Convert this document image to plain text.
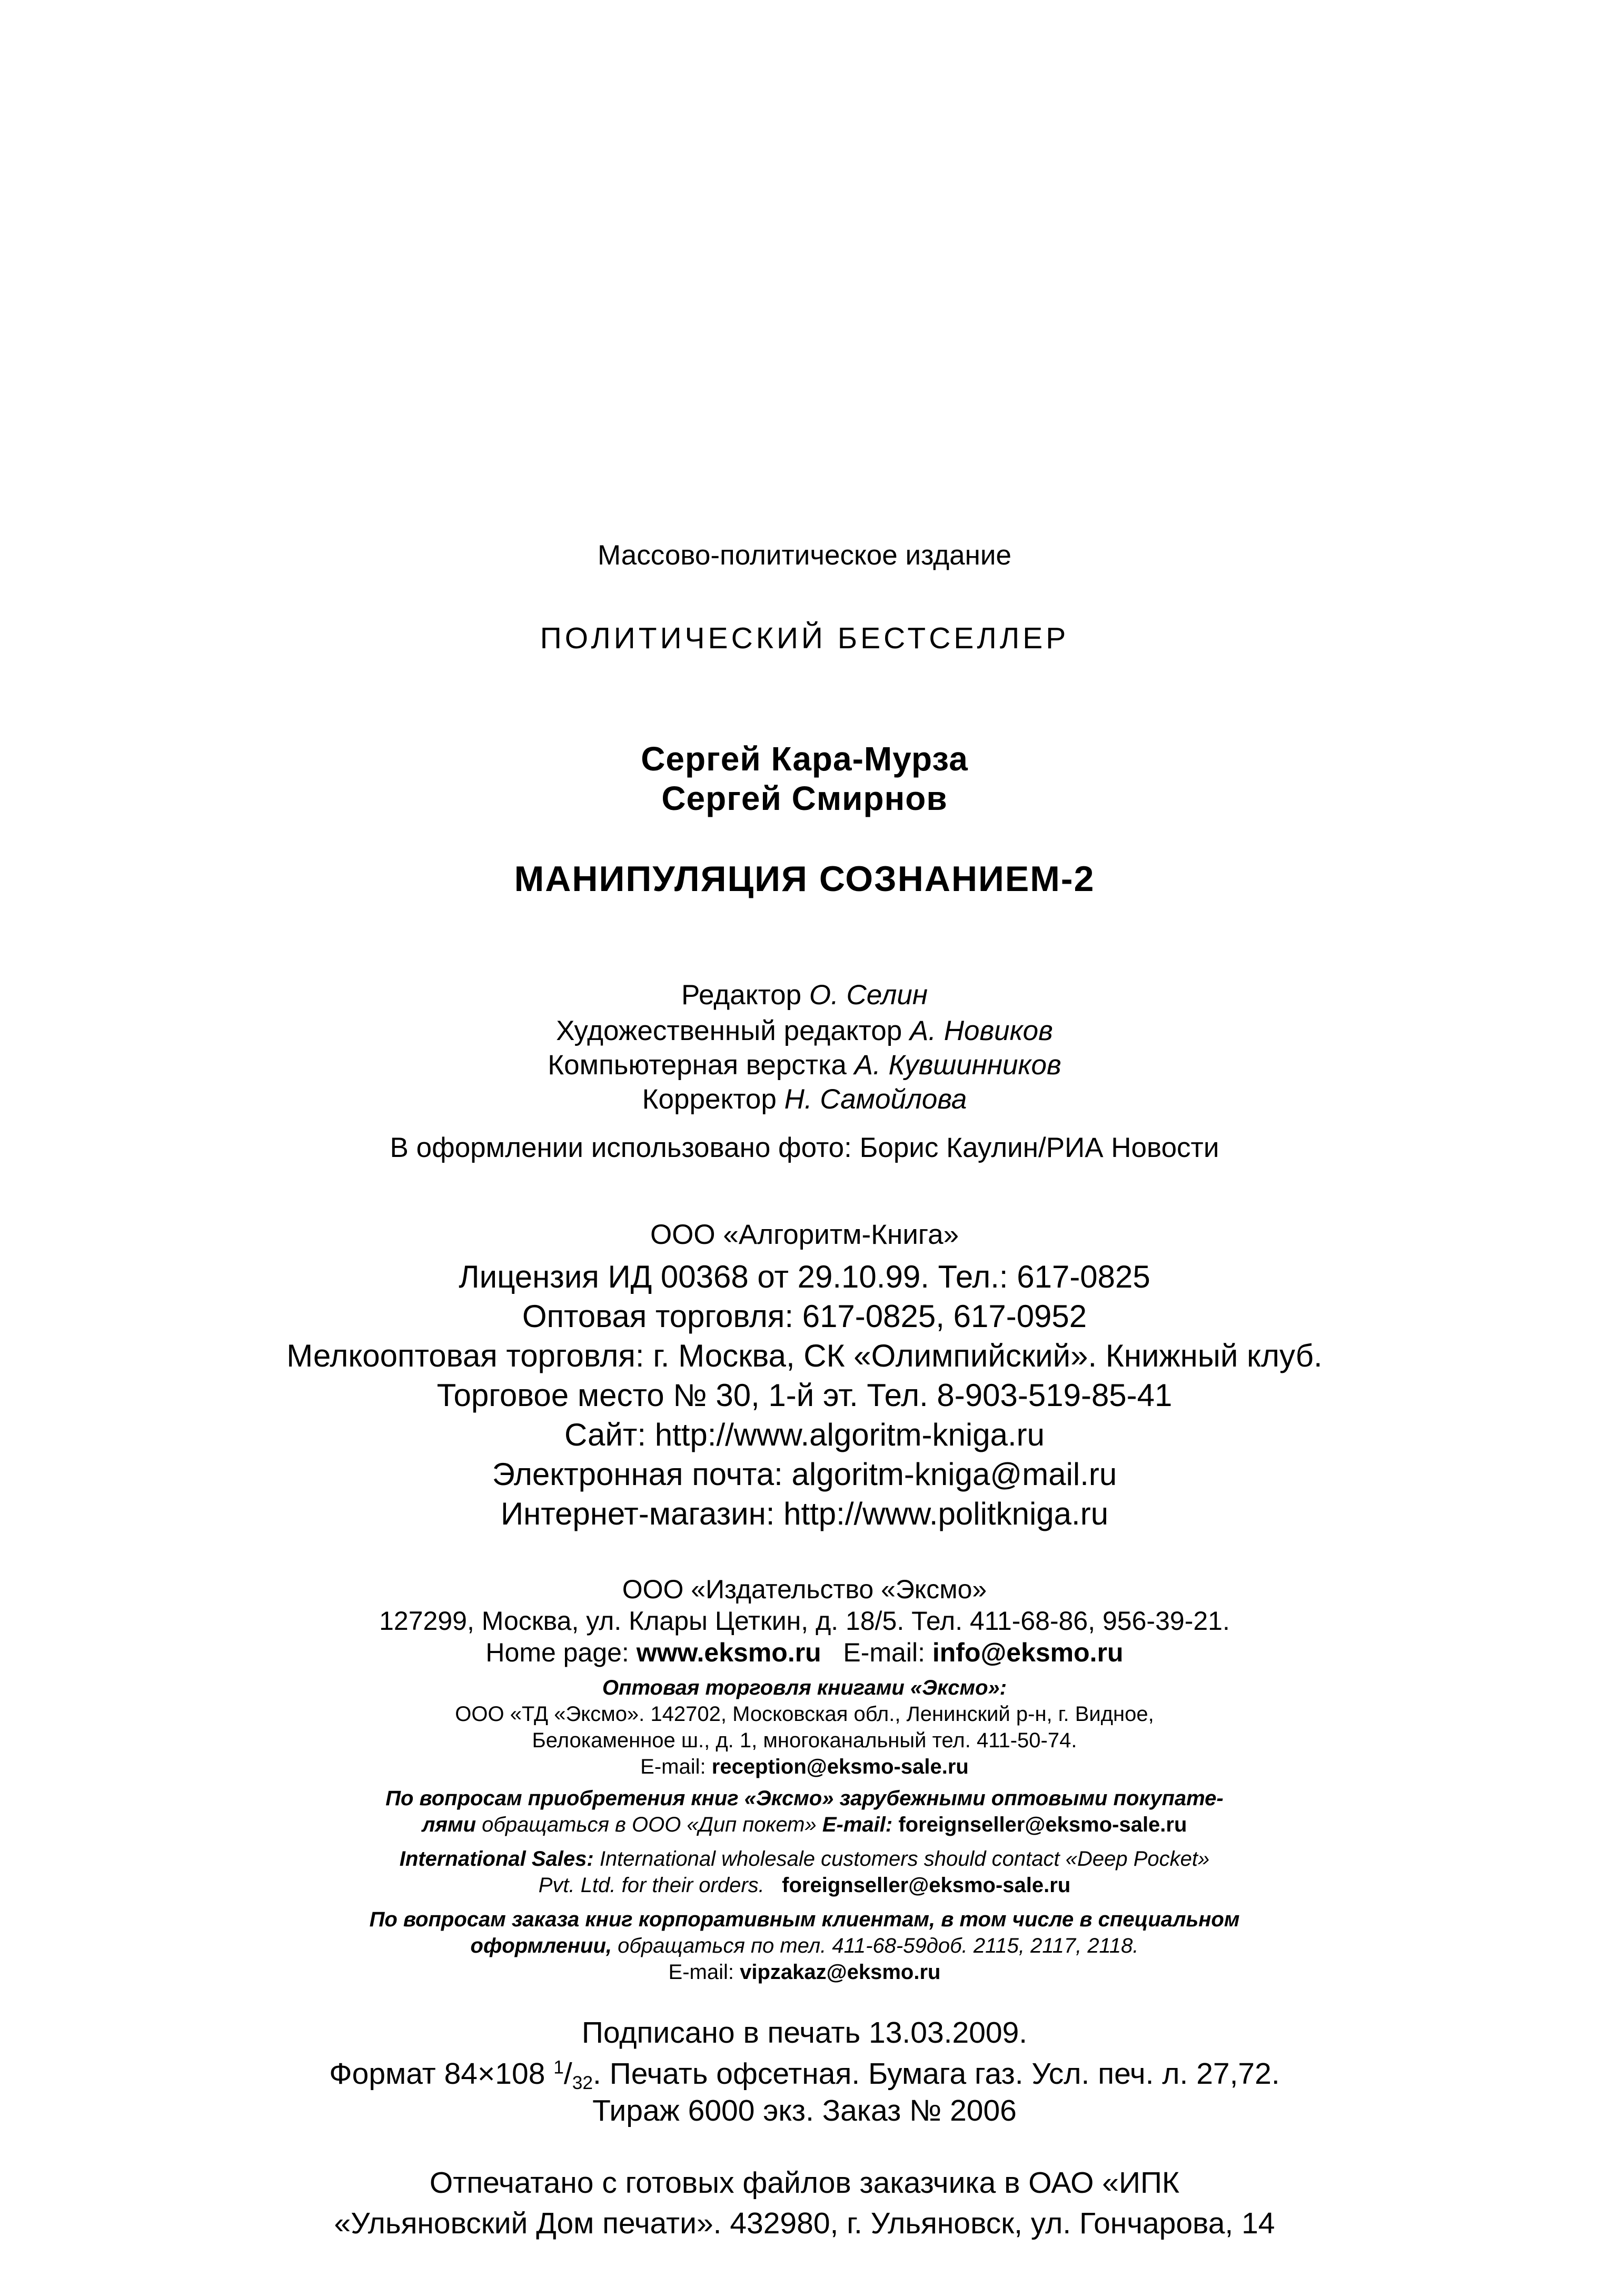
Массово-политическое издание
ПОЛИТИЧЕСКИЙ БЕСТСЕЛЛЕР
Сергей Кара-Мурза
Сергей Смирнов
МАНИПУЛЯЦИЯ СОЗНАНИЕМ-2
Редактор О. Селин
Художественный редактор А. Новиков
Компьютерная верстка А. Кувшинников
Корректор Н. Самойлова
В оформлении использовано фото: Борис Каулин/РИА Новости
ООО «Алгоритм-Книга»
Лицензия ИД 00368 от 29.10.99. Тел.: 617-0825
Оптовая торговля: 617-0825, 617-0952
Мелкооптовая торговля: г. Москва, СК «Олимпийский». Книжный клуб.
Торговое место № 30, 1-й эт. Тел. 8-903-519-85-41
Сайт: http://www.algoritm-kniga.ru
Электронная почта: algoritm-kniga@mail.ru
Интернет-магазин: http://www.politkniga.ru
ООО «Издательство «Эксмо»
127299, Москва, ул. Клары Цеткин, д. 18/5. Тел. 411-68-86, 956-39-21.
Home page: www.eksmo.ru E-mail: info@eksmo.ru
Оптовая торговля книгами «Эксмо»:
ООО «ТД «Эксмо». 142702, Московская обл., Ленинский р-н, г. Видное,
Белокаменное ш., д. 1, многоканальный тел. 411-50-74.
E-mail: reception@eksmo-sale.ru
По вопросам приобретения книг «Эксмо» зарубежными оптовыми покупате-
лями обращаться в ООО «Дип покет» E-mail: foreignseller@eksmo-sale.ru
International Sales: International wholesale customers should contact «Deep Pocket»
Pvt. Ltd. for their orders. foreignseller@eksmo-sale.ru
По вопросам заказа книг корпоративным клиентам, в том числе в специальном
оформлении, обращаться по тел. 411-68-59доб. 2115, 2117, 2118.
E-mail: vipzakaz@eksmo.ru
Подписано в печать 13.03.2009.
Формат 84×108 $^1/_{32}$. Печать офсетная. Бумага газ. Усл. печ. л. 27,72.
Тираж 6000 экз. Заказ № 2006
Отпечатано с готовых файлов заказчика в ОАО «ИПК
«Ульяновский Дом печати». 432980, г. Ульяновск, ул. Гончарова, 14
